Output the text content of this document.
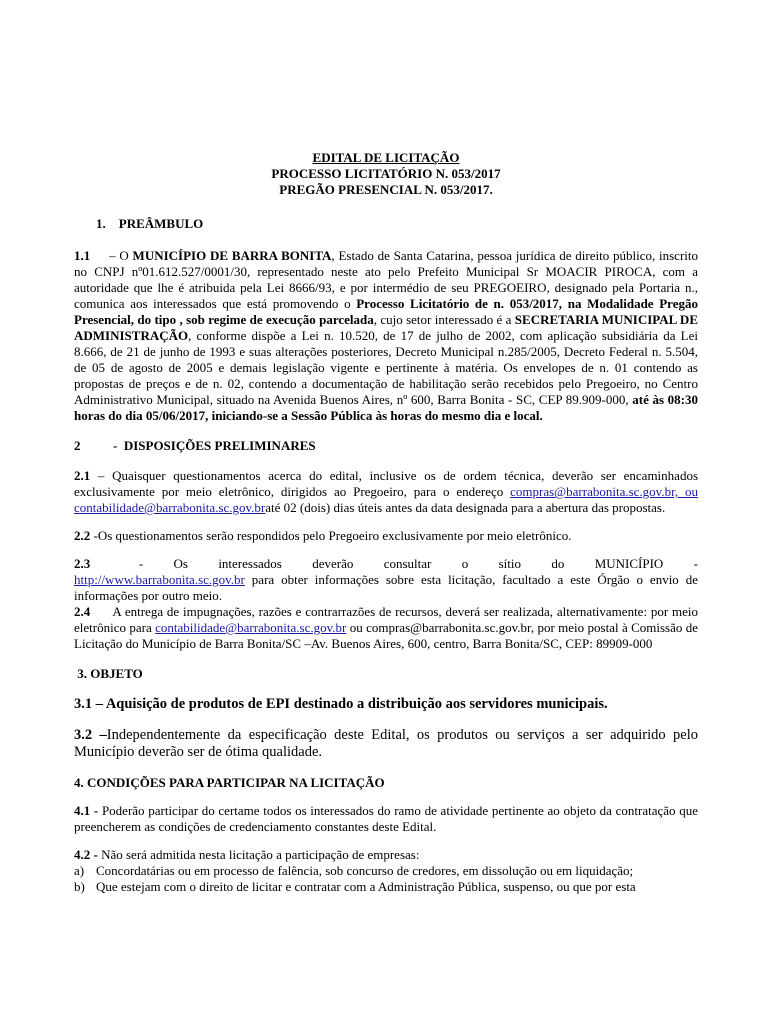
EDITAL DE LICITAÇÃO
PROCESSO LICITATÓRIO N. 053/2017
PREGÃO PRESENCIAL N. 053/2017.

1.    PREÂMBULO

1.1     – O MUNICÍPIO DE BARRA BONITA, Estado de Santa Catarina, pessoa jurídica de direito público, inscrito no CNPJ nº01.612.527/0001/30, representado neste ato pelo Prefeito Municipal Sr MOACIR PIROCA, com a autoridade que lhe é atribuida pela Lei 8666/93, e por intermédio de seu PREGOEIRO, designado pela Portaria n., comunica aos interessados que está promovendo o Processo Licitatório de n. 053/2017, na Modalidade Pregão Presencial, do tipo , sob regime de execução parcelada, cujo setor interessado é a SECRETARIA MUNICIPAL DE ADMINISTRAÇÃO, conforme dispõe a Lei n. 10.520, de 17 de julho de 2002, com aplicação subsidiária da Lei 8.666, de 21 de junho de 1993 e suas alterações posteriores, Decreto Municipal n.285/2005, Decreto Federal n. 5.504, de 05 de agosto de 2005 e demais legislação vigente e pertinente à matéria. Os envelopes de n. 01 contendo as propostas de preços e de n. 02, contendo a documentação de habilitação serão recebidos pelo Pregoeiro, no Centro Administrativo Municipal, situado na Avenida Buenos Aires, nº 600, Barra Bonita - SC, CEP 89.909-000, até às 08:30 horas do dia 05/06/2017, iniciando-se a Sessão Pública às horas do mesmo dia e local.

2          -  DISPOSIÇÕES PRELIMINARES

2.1 – Quaisquer questionamentos acerca do edital, inclusive os de ordem técnica, deverão ser encaminhados exclusivamente por meio eletrônico, dirigidos ao Pregoeiro, para o endereço compras@barrabonita.sc.gov.br, ou contabilidade@barrabonita.sc.gov.braté 02 (dois) dias úteis antes da data designada para a abertura das propostas.

2.2 -Os questionamentos serão respondidos pelo Pregoeiro exclusivamente por meio eletrônico.

2.3        -     Os     interessados     deverão     consultar     o     sítio     do     MUNICÍPIO     - http://www.barrabonita.sc.gov.br para obter informações sobre esta licitação, facultado a este Órgão o envio de informações por outro meio.

2.4      A entrega de impugnações, razões e contrarrazões de recursos, deverá ser realizada, alternativamente: por meio eletrônico para contabilidade@barrabonita.sc.gov.br ou compras@barrabonita.sc.gov.br, por meio postal à Comissão de Licitação do Município de Barra Bonita/SC –Av. Buenos Aires, 600, centro, Barra Bonita/SC, CEP: 89909-000

3. OBJETO

3.1 – Aquisição de produtos de EPI destinado a distribuição aos servidores municipais.

3.2 –Independentemente da especificação deste Edital, os produtos ou serviços a ser adquirido pelo Município deverão ser de ótima qualidade.

4. CONDIÇÕES PARA PARTICIPAR NA LICITAÇÃO

4.1 - Poderão participar do certame todos os interessados do ramo de atividade pertinente ao objeto da contratação que preencherem as condições de credenciamento constantes deste Edital.

4.2 - Não será admitida nesta licitação a participação de empresas:

a) Concordatárias ou em processo de falência, sob concurso de credores, em dissolução ou em liquidação;
b) Que estejam com o direito de licitar e contratar com a Administração Pública, suspenso, ou que por esta
